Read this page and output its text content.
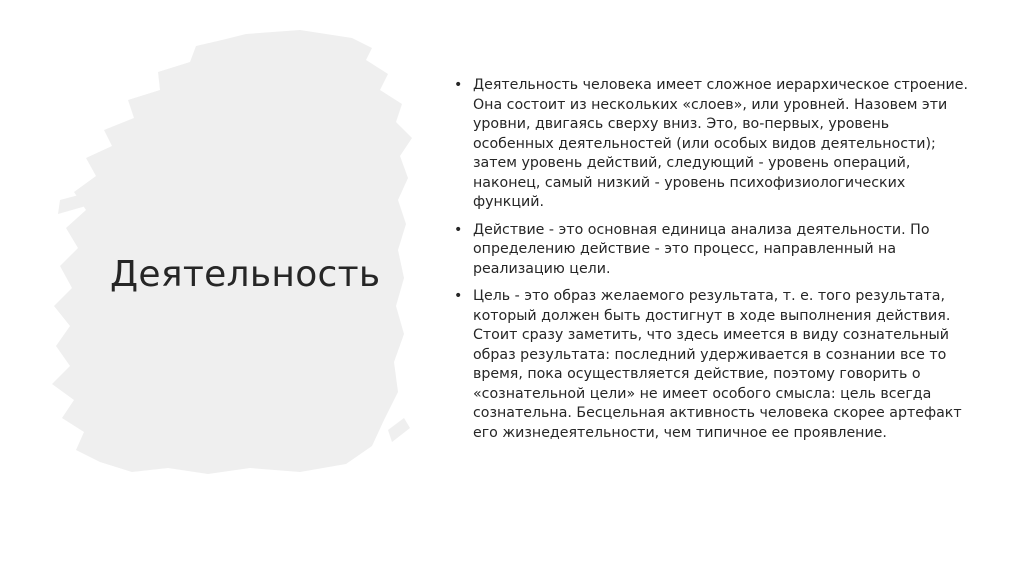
Деятельность
• Деятельность человека имеет сложное иерархическое строение. Она состоит из нескольких «слоев», или уровней. Назовем эти уровни, двигаясь сверху вниз. Это, во-первых, уровень особенных деятельностей (или особых видов деятельности); затем уровень действий, следующий - уровень операций, наконец, самый низкий - уровень психофизиологических функций.
• Действие - это основная единица анализа деятельности. По определению действие - это процесс, направленный на реализацию цели.
• Цель - это образ желаемого результата, т. е. того результата, который должен быть достигнут в ходе выполнения действия. Стоит сразу заметить, что здесь имеется в виду сознательный образ результата: последний удерживается в сознании все то время, пока осуществляется действие, поэтому говорить о «сознательной цели» не имеет особого смысла: цель всегда сознательна. Бесцельная активность человека скорее артефакт его жизнедеятельности, чем типичное ее проявление.
